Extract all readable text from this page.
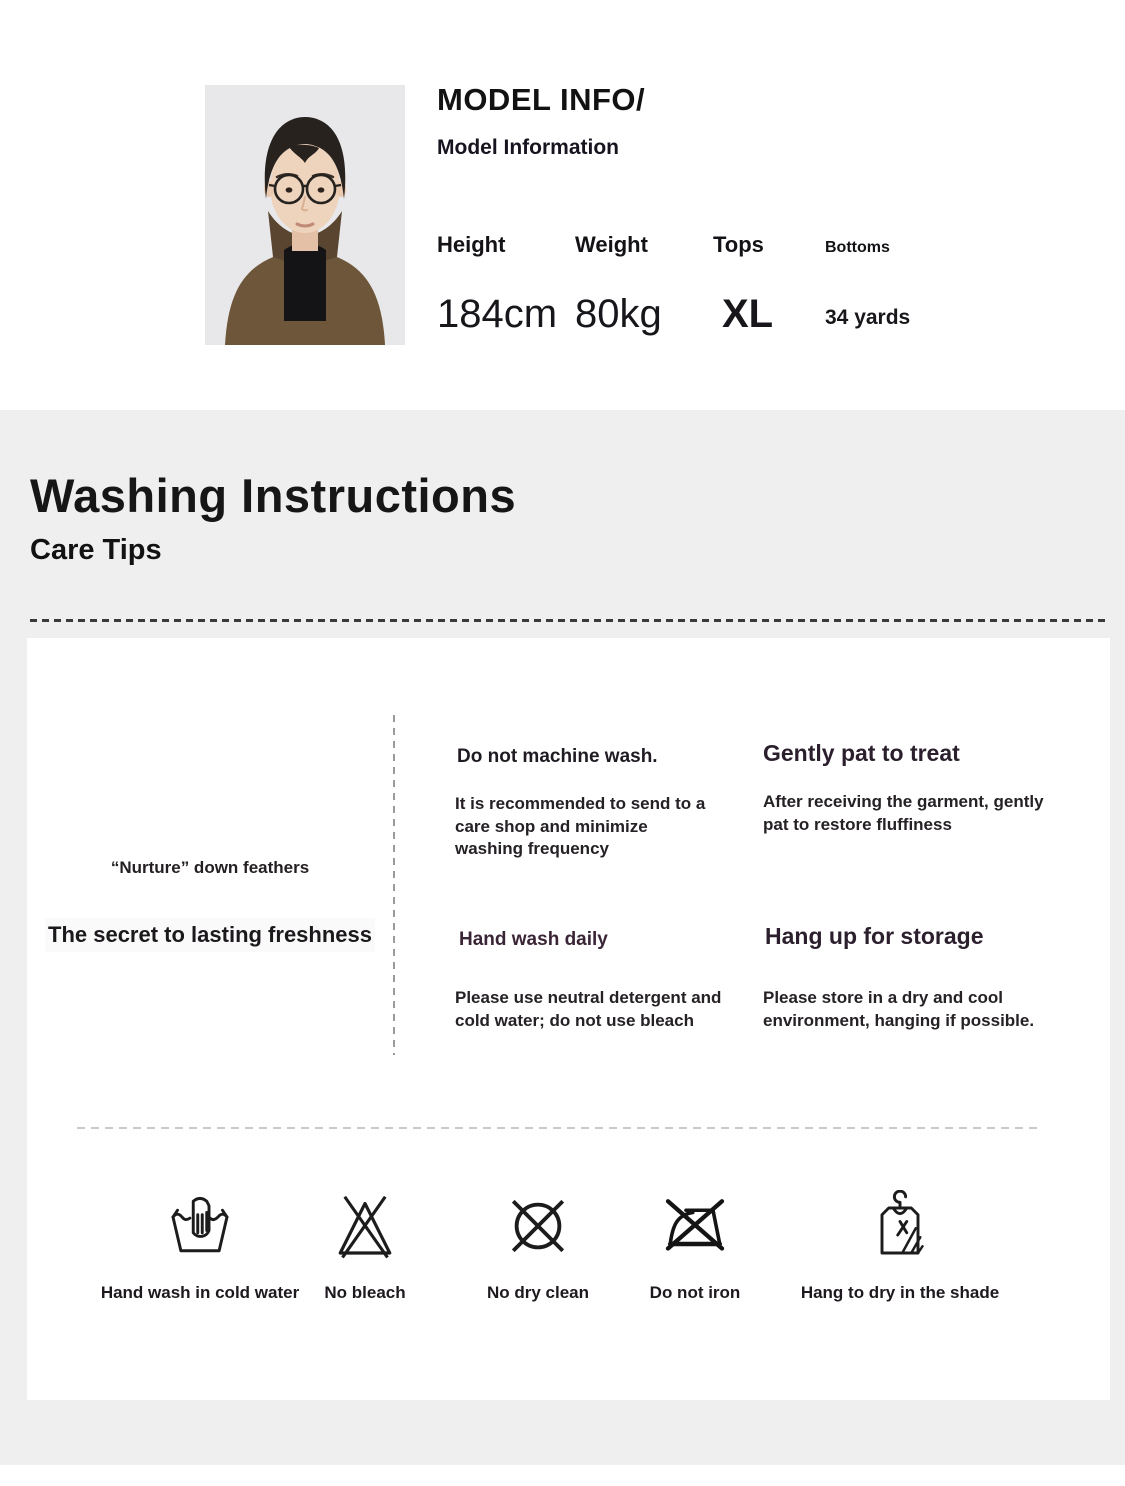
MODEL INFO/
Model Information
Height	Weight	Tops	Bottoms
184cm 80kg XL 34 yards
Washing Instructions
Care Tips
“Nurture” down feathers
The secret to lasting freshness
Do not machine wash.
It is recommended to send to a care shop and minimize washing frequency
Hand wash daily
Please use neutral detergent and cold water; do not use bleach
Gently pat to treat
After receiving the garment, gently pat to restore fluffiness
Hang up for storage
Please store in a dry and cool environment, hanging if possible.
Hand wash in cold water	No bleach	No dry clean	Do not iron	Hang to dry in the shade
